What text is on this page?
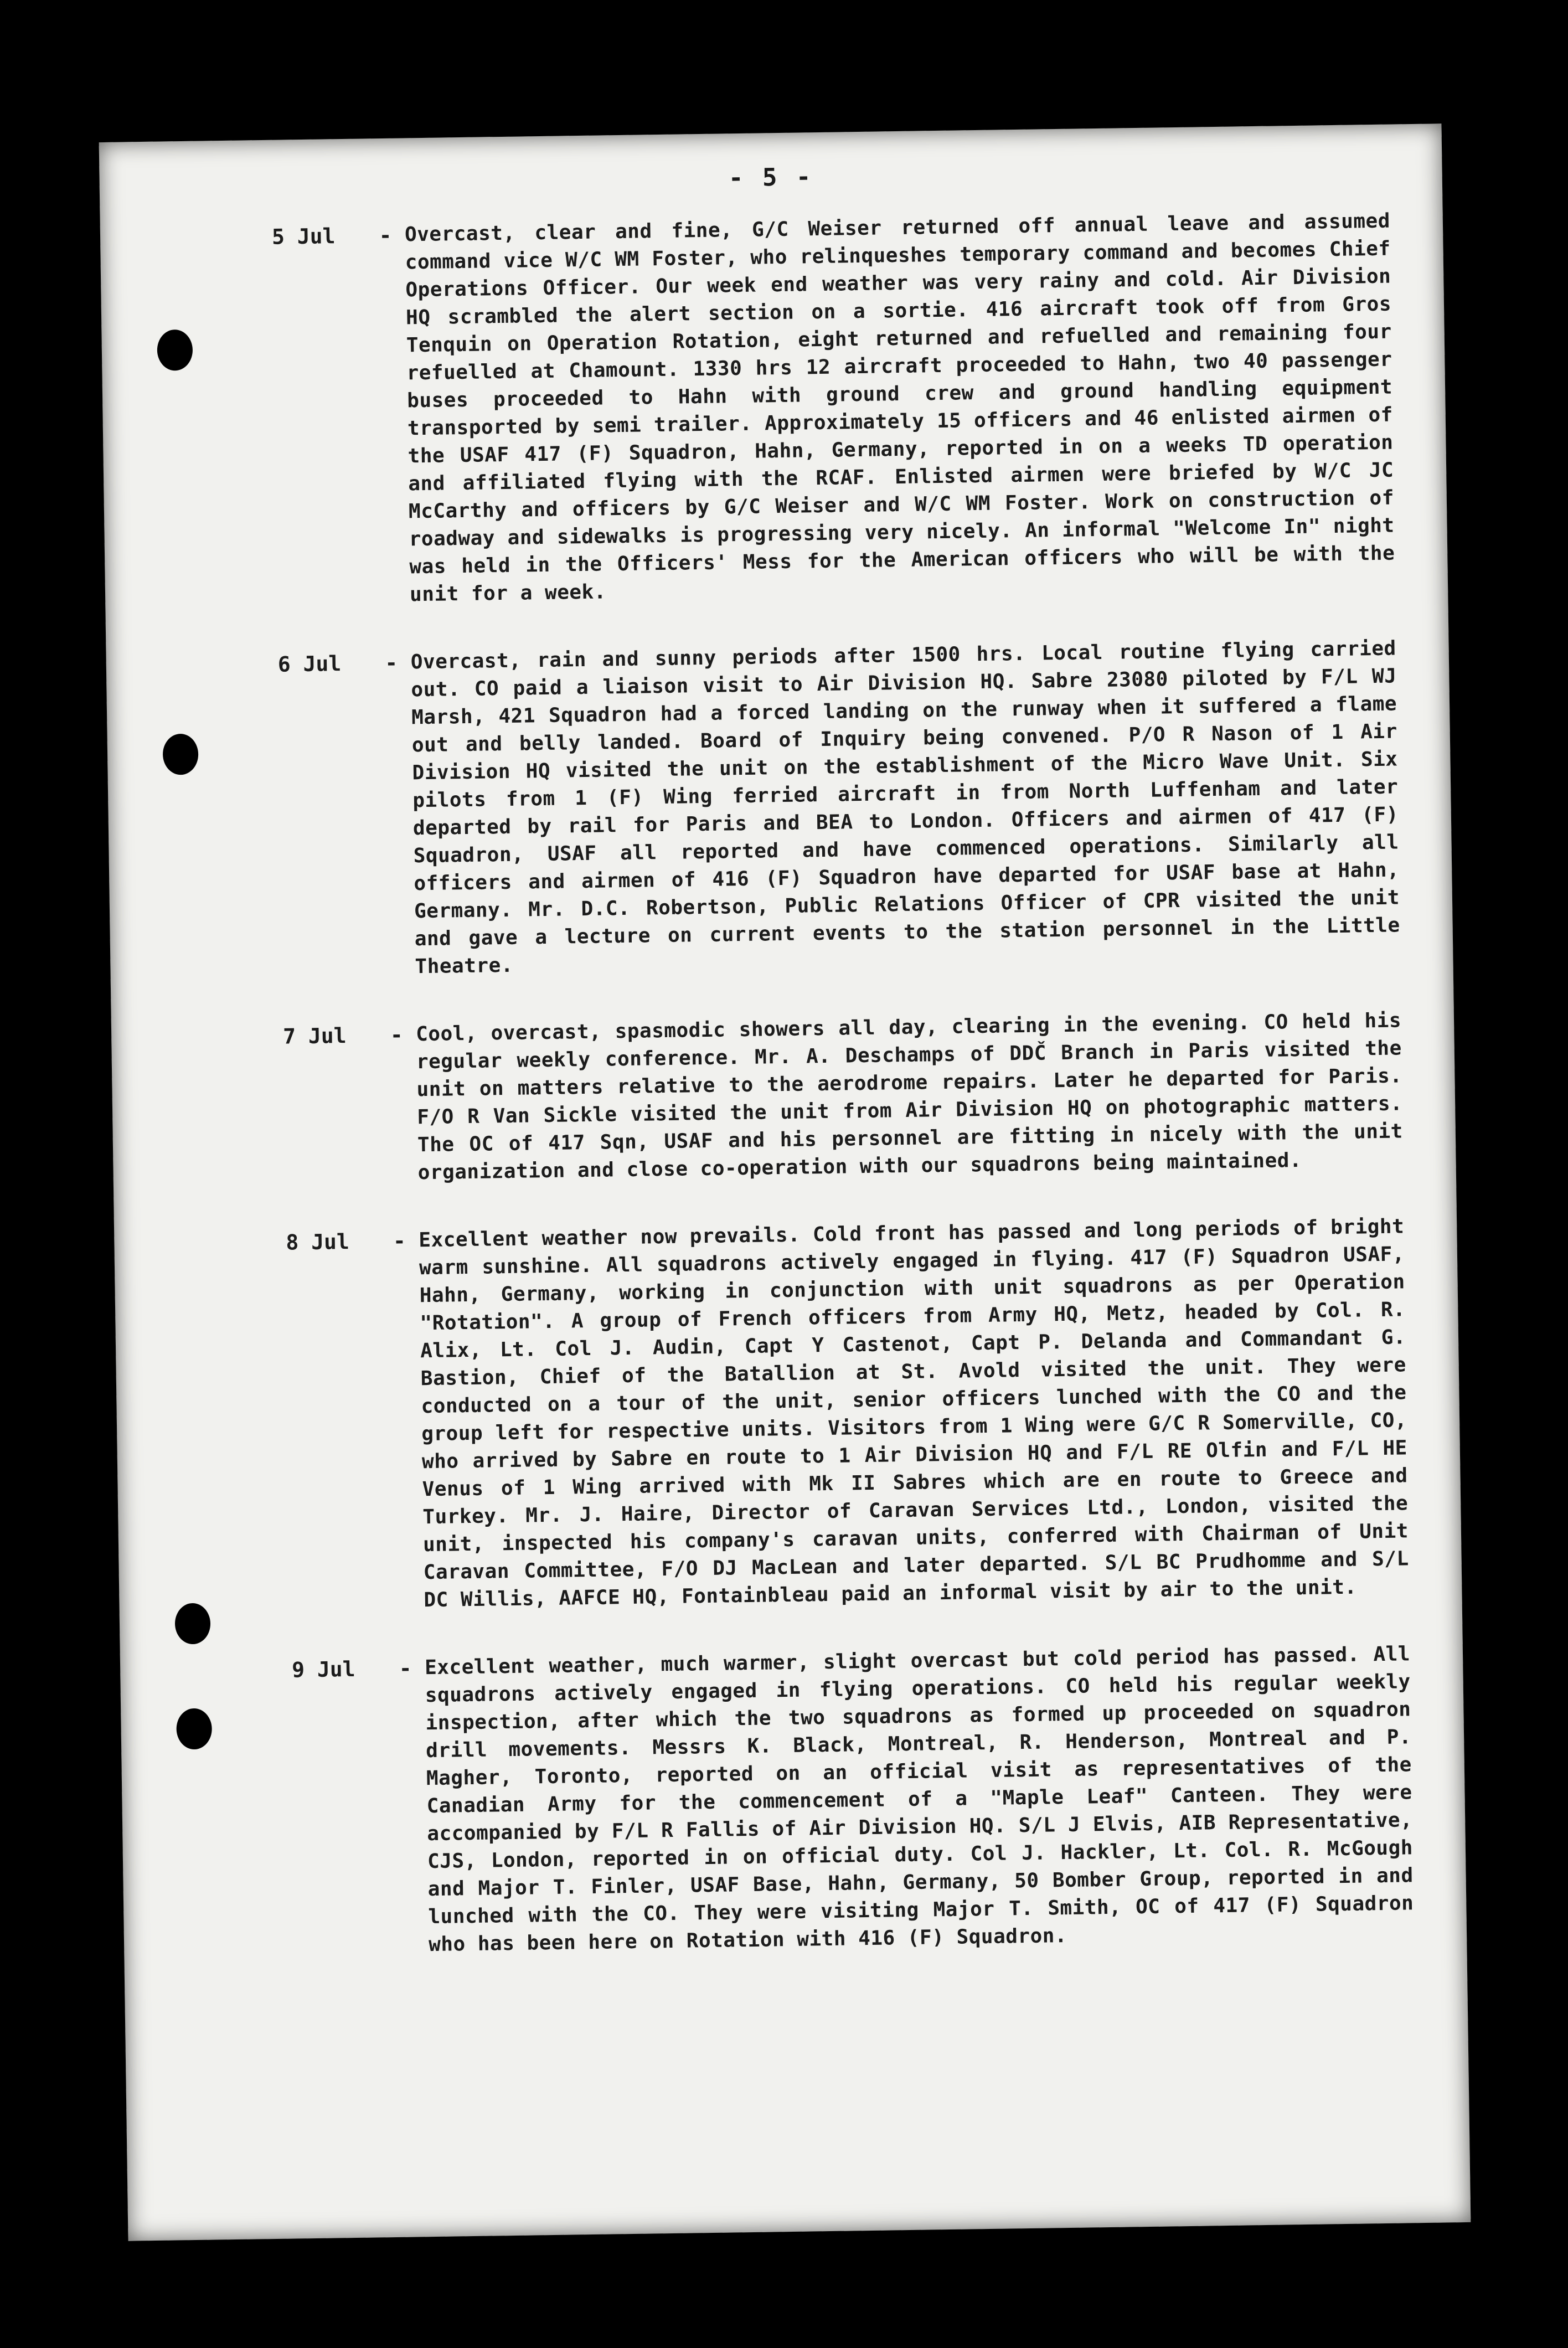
- 5 -
5 Jul	- Overcast, clear and fine, G/C Weiser returned off annual leave and assumed command vice W/C WM Foster, who relinqueshes temporary command and becomes Chief Operations Officer. Our week end weather was very rainy and cold. Air Division HQ scrambled the alert section on a sortie. 416 aircraft took off from Gros Tenquin on Operation Rotation, eight returned and refuelled and remaining four refuelled at Chamount. 1330 hrs 12 aircraft proceeded to Hahn, two 40 passenger buses proceeded to Hahn with ground crew and ground handling equipment transported by semi trailer. Approximately 15 officers and 46 enlisted airmen of the USAF 417 (F) Squadron, Hahn, Germany, reported in on a weeks TD operation and affiliated flying with the RCAF. Enlisted airmen were briefed by W/C JC McCarthy and officers by G/C Weiser and W/C WM Foster. Work on construction of roadway and sidewalks is progressing very nicely. An informal "Welcome In" night was held in the Officers' Mess for the American officers who will be with the unit for a week.
6 Jul	- Overcast, rain and sunny periods after 1500 hrs. Local routine flying carried out. CO paid a liaison visit to Air Division HQ. Sabre 23080 piloted by F/L WJ Marsh, 421 Squadron had a forced landing on the runway when it suffered a flame out and belly landed. Board of Inquiry being convened. P/O R Nason of 1 Air Division HQ visited the unit on the establishment of the Micro Wave Unit. Six pilots from 1 (F) Wing ferried aircraft in from North Luffenham and later departed by rail for Paris and BEA to London. Officers and airmen of 417 (F) Squadron, USAF all reported and have commenced operations. Similarly all officers and airmen of 416 (F) Squadron have departed for USAF base at Hahn, Germany. Mr. D.C. Robertson, Public Relations Officer of CPR visited the unit and gave a lecture on current events to the station personnel in the Little Theatre.
7 Jul	- Cool, overcast, spasmodic showers all day, clearing in the evening. CO held his regular weekly conference. Mr. A. Deschamps of DDČ Branch in Paris visited the unit on matters relative to the aerodrome repairs. Later he departed for Paris. F/O R Van Sickle visited the unit from Air Division HQ on photographic matters. The OC of 417 Sqn, USAF and his personnel are fitting in nicely with the unit organization and close co-operation with our squadrons being maintained.
8 Jul	- Excellent weather now prevails. Cold front has passed and long periods of bright warm sunshine. All squadrons actively engaged in flying. 417 (F) Squadron USAF, Hahn, Germany, working in conjunction with unit squadrons as per Operation "Rotation". A group of French officers from Army HQ, Metz, headed by Col. R. Alix, Lt. Col J. Audin, Capt Y Castenot, Capt P. Delanda and Commandant G. Bastion, Chief of the Batallion at St. Avold visited the unit. They were conducted on a tour of the unit, senior officers lunched with the CO and the group left for respective units. Visitors from 1 Wing were G/C R Somerville, CO, who arrived by Sabre en route to 1 Air Division HQ and F/L RE Olfin and F/L HE Venus of 1 Wing arrived with Mk II Sabres which are en route to Greece and Turkey. Mr. J. Haire, Director of Caravan Services Ltd., London, visited the unit, inspected his company's caravan units, conferred with Chairman of Unit Caravan Committee, F/O DJ MacLean and later departed. S/L BC Prudhomme and S/L DC Willis, AAFCE HQ, Fontainbleau paid an informal visit by air to the unit.
9 Jul	- Excellent weather, much warmer, slight overcast but cold period has passed. All squadrons actively engaged in flying operations. CO held his regular weekly inspection, after which the two squadrons as formed up proceeded on squadron drill movements. Messrs K. Black, Montreal, R. Henderson, Montreal and P. Magher, Toronto, reported on an official visit as representatives of the Canadian Army for the commencement of a "Maple Leaf" Canteen. They were accompanied by F/L R Fallis of Air Division HQ. S/L J Elvis, AIB Representative, CJS, London, reported in on official duty. Col J. Hackler, Lt. Col. R. McGough and Major T. Finler, USAF Base, Hahn, Germany, 50 Bomber Group, reported in and lunched with the CO. They were visiting Major T. Smith, OC of 417 (F) Squadron who has been here on Rotation with 416 (F) Squadron.
